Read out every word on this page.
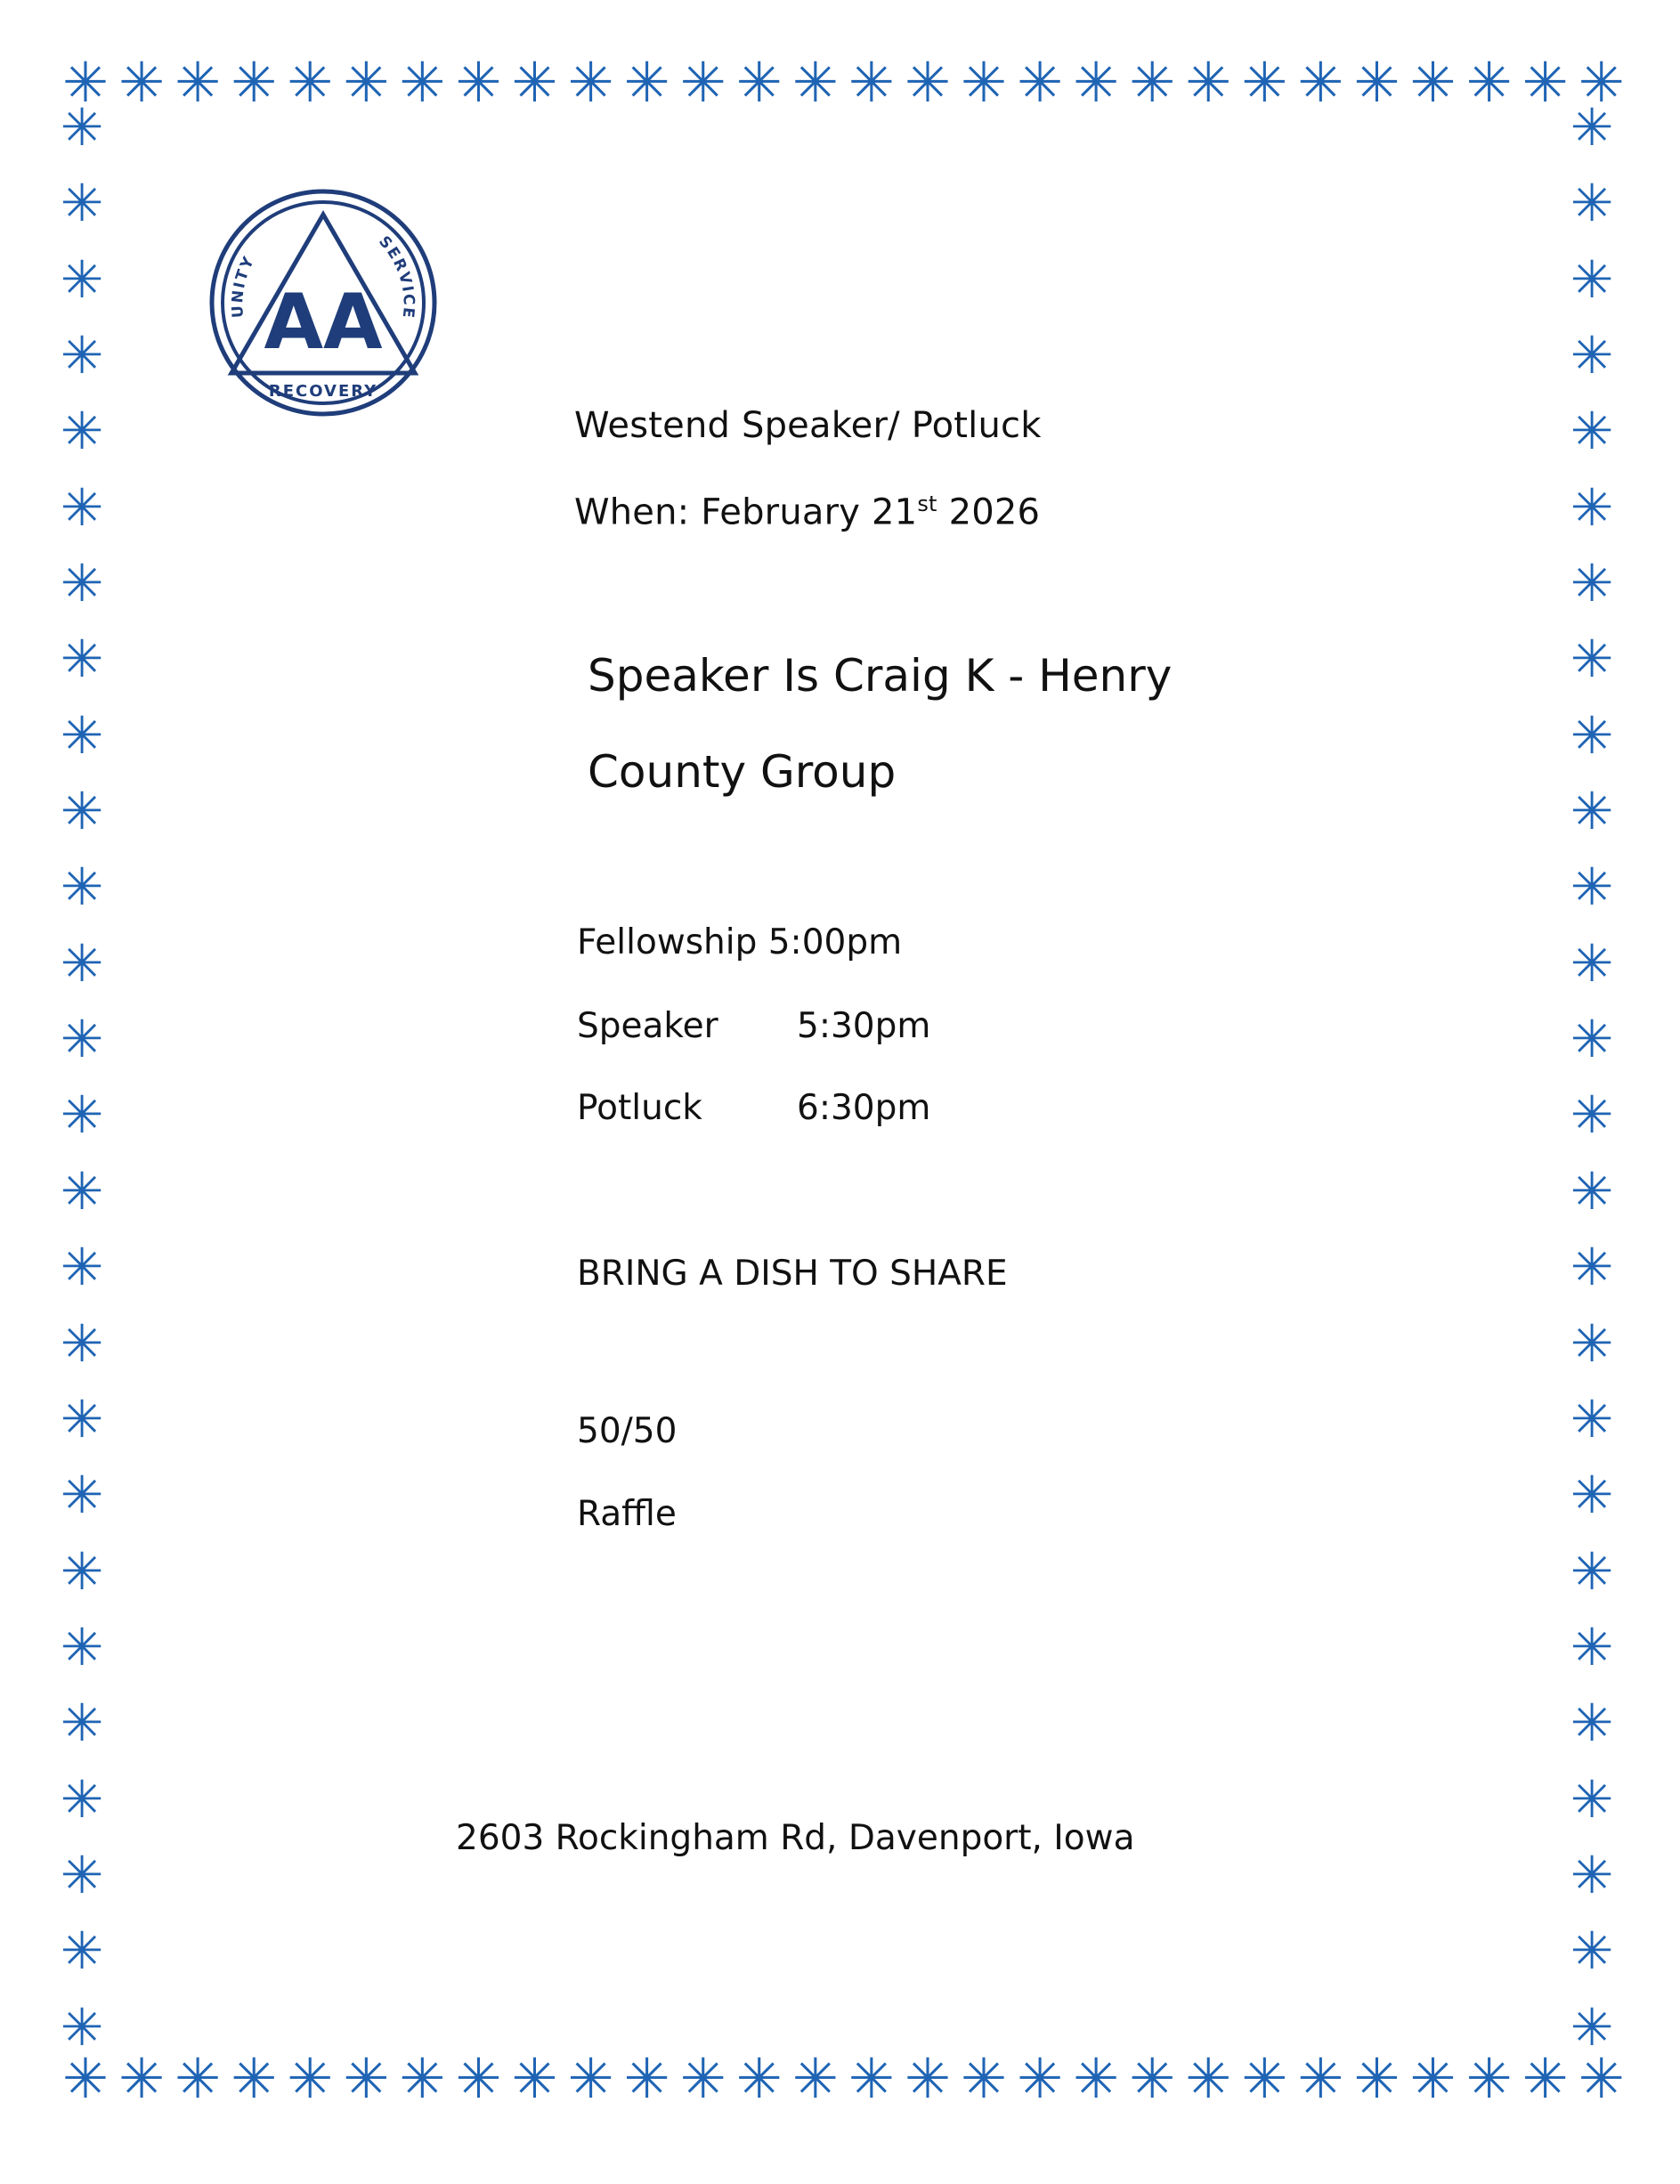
✳ ✳ ✳ ✳ ✳ ✳ ✳ ✳ ✳ ✳ ✳ ✳ ✳ ✳ ✳ ✳ ✳ ✳ ✳ ✳ ✳ ✳ ✳ ✳ ✳ ✳ ✳ ✳
✳ ✳ ✳ ✳ ✳ ✳ ✳ ✳ ✳ ✳ ✳ ✳ ✳ ✳ ✳ ✳ ✳ ✳ ✳ ✳ ✳ ✳ ✳ ✳ ✳ ✳ ✳ ✳
✳
✳
✳
✳
✳
✳
✳
✳
✳
✳
✳
✳
✳
✳
✳
✳
✳
✳
✳
✳
✳
✳
✳
✳
✳
✳
✳
✳
✳
✳
✳
✳
✳
✳
✳
✳
✳
✳
✳
✳
✳
✳
✳
✳
✳
✳
✳
✳
✳
✳
✳
✳
AA
UNITY
SERVICE
RECOVERY
Westend Speaker/ Potluck
When: February 21st 2026
Speaker Is Craig K - Henry
County Group
Fellowship 5:00pm
Speaker 5:30pm
Potluck	6:30pm
BRING A DISH TO SHARE
50/50
Raffle
2603 Rockingham Rd, Davenport, Iowa
